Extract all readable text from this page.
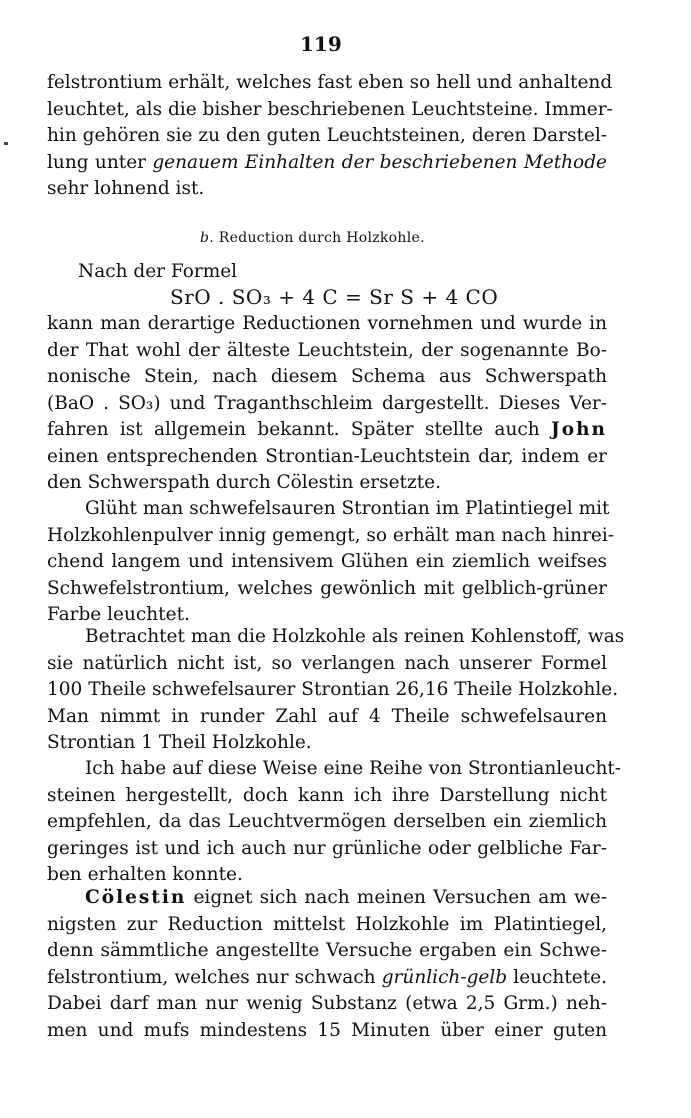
119
felstrontium erhält, welches fast eben so hell und anhaltend
leuchtet, als die bisher beschriebenen Leuchtsteine. Immer-
hin gehören sie zu den guten Leuchtsteinen, deren Darstel-
lung unter genauem Einhalten der beschriebenen Methode
sehr lohnend ist.
b. Reduction durch Holzkohle.
Nach der Formel
SrO . SO₃ + 4 C = Sr S + 4 CO
kann man derartige Reductionen vornehmen und wurde in
der That wohl der älteste Leuchtstein, der sogenannte Bo-
nonische Stein, nach diesem Schema aus Schwerspath
(BaO . SO₃) und Traganthschleim dargestellt. Dieses Ver-
fahren ist allgemein bekannt. Später stellte auch John
einen entsprechenden Strontian-Leuchtstein dar, indem er
den Schwerspath durch Cölestin ersetzte.
Glüht man schwefelsauren Strontian im Platintiegel mit
Holzkohlenpulver innig gemengt, so erhält man nach hinrei-
chend langem und intensivem Glühen ein ziemlich weifses
Schwefelstrontium, welches gewönlich mit gelblich-grüner
Farbe leuchtet.
Betrachtet man die Holzkohle als reinen Kohlenstoff, was
sie natürlich nicht ist, so verlangen nach unserer Formel
100 Theile schwefelsaurer Strontian 26,16 Theile Holzkohle.
Man nimmt in runder Zahl auf 4 Theile schwefelsauren
Strontian 1 Theil Holzkohle.
Ich habe auf diese Weise eine Reihe von Strontianleucht-
steinen hergestellt, doch kann ich ihre Darstellung nicht
empfehlen, da das Leuchtvermögen derselben ein ziemlich
geringes ist und ich auch nur grünliche oder gelbliche Far-
ben erhalten konnte.
Cölestin eignet sich nach meinen Versuchen am we-
nigsten zur Reduction mittelst Holzkohle im Platintiegel,
denn sämmtliche angestellte Versuche ergaben ein Schwe-
felstrontium, welches nur schwach grünlich-gelb leuchtete.
Dabei darf man nur wenig Substanz (etwa 2,5 Grm.) neh-
men und mufs mindestens 15 Minuten über einer guten
